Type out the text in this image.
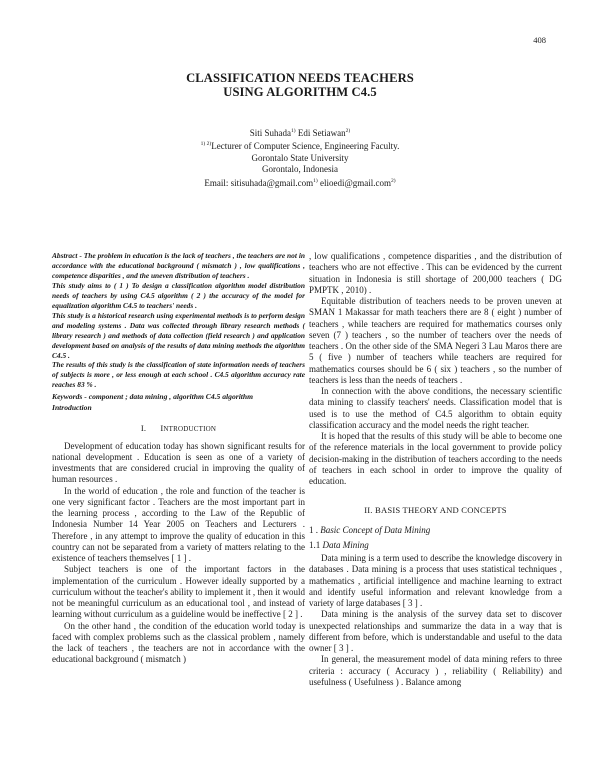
408
CLASSIFICATION NEEDS TEACHERS
USING ALGORITHM C4.5
Siti Suhada$^{1)}$ Edi Setiawan$^{2)}$
$^{1) 2)}$Lecturer of Computer Science, Engineering Faculty.
Gorontalo State University
Gorontalo, Indonesia
Email: sitisuhada@gmail.com$^{1)}$ elioedi@gmail.com$^{2)}$

Abstract - The problem in education is the lack of teachers , the teachers are not in accordance with the educational background ( mismatch ) , low qualifications , competence disparities , and the uneven distribution of teachers .

This study aims to ( 1 ) To design a classification algorithm model distribution needs of teachers by using C4.5 algorithm ( 2 ) the accuracy of the model for equalization algorithm C4.5 to teachers' needs .

This study is a historical research using experimental methods is to perform design and modeling systems . Data was collected through library research methods ( library research ) and methods of data collection (field research ) and application development based on analysis of the results of data mining methods the algorithm C4.5 .

The results of this study is the classification of state information needs of teachers of subjects is more , or less enough at each school . C4.5 algorithm accuracy rate reaches 83 % .

Keywords - component ; data mining , algorithm C4.5 algorithm
Introduction

I. INTRODUCTION

Development of education today has shown significant results for national development . Education is seen as one of a variety of investments that are considered crucial in improving the quality of human resources .

In the world of education , the role and function of the teacher is one very significant factor . Teachers are the most important part in the learning process , according to the Law of the Republic of Indonesia Number 14 Year 2005 on Teachers and Lecturers . Therefore , in any attempt to improve the quality of education in this country can not be separated from a variety of matters relating to the existence of teachers themselves [ 1 ] .

Subject teachers is one of the important factors in the implementation of the curriculum . However ideally supported by a curriculum without the teacher's ability to implement it , then it would not be meaningful curriculum as an educational tool , and instead of learning without curriculum as a guideline would be ineffective [ 2 ] .

On the other hand , the condition of the education world today is faced with complex problems such as the classical problem , namely the lack of teachers , the teachers are not in accordance with the educational background ( mismatch )

, low qualifications , competence disparities , and the distribution of teachers who are not effective . This can be evidenced by the current situation in Indonesia is still shortage of 200,000 teachers ( DG PMPTK , 2010) .

Equitable distribution of teachers needs to be proven uneven at SMAN 1 Makassar for math teachers there are 8 ( eight ) number of teachers , while teachers are required for mathematics courses only seven (7 ) teachers , so the number of teachers over the needs of teachers . On the other side of the SMA Negeri 3 Lau Maros there are 5 ( five ) number of teachers while teachers are required for mathematics courses should be 6 ( six ) teachers , so the number of teachers is less than the needs of teachers .

In connection with the above conditions, the necessary scientific data mining to classify teachers' needs. Classification model that is used is to use the method of C4.5 algorithm to obtain equity classification accuracy and the model needs the right teacher.

It is hoped that the results of this study will be able to become one of the reference materials in the local government to provide policy decision-making in the distribution of teachers according to the needs of teachers in each school in order to improve the quality of education.

II. BASIS THEORY AND CONCEPTS

1 . Basic Concept of Data Mining

1.1 Data Mining

Data mining is a term used to describe the knowledge discovery in databases . Data mining is a process that uses statistical techniques , mathematics , artificial intelligence and machine learning to extract and identify useful information and relevant knowledge from a variety of large databases [ 3 ] .

Data mining is the analysis of the survey data set to discover unexpected relationships and summarize the data in a way that is different from before, which is understandable and useful to the data owner [ 3 ] .

In general, the measurement model of data mining refers to three criteria : accuracy ( Accuracy ) , reliability ( Reliability) and usefulness ( Usefulness ) . Balance among
